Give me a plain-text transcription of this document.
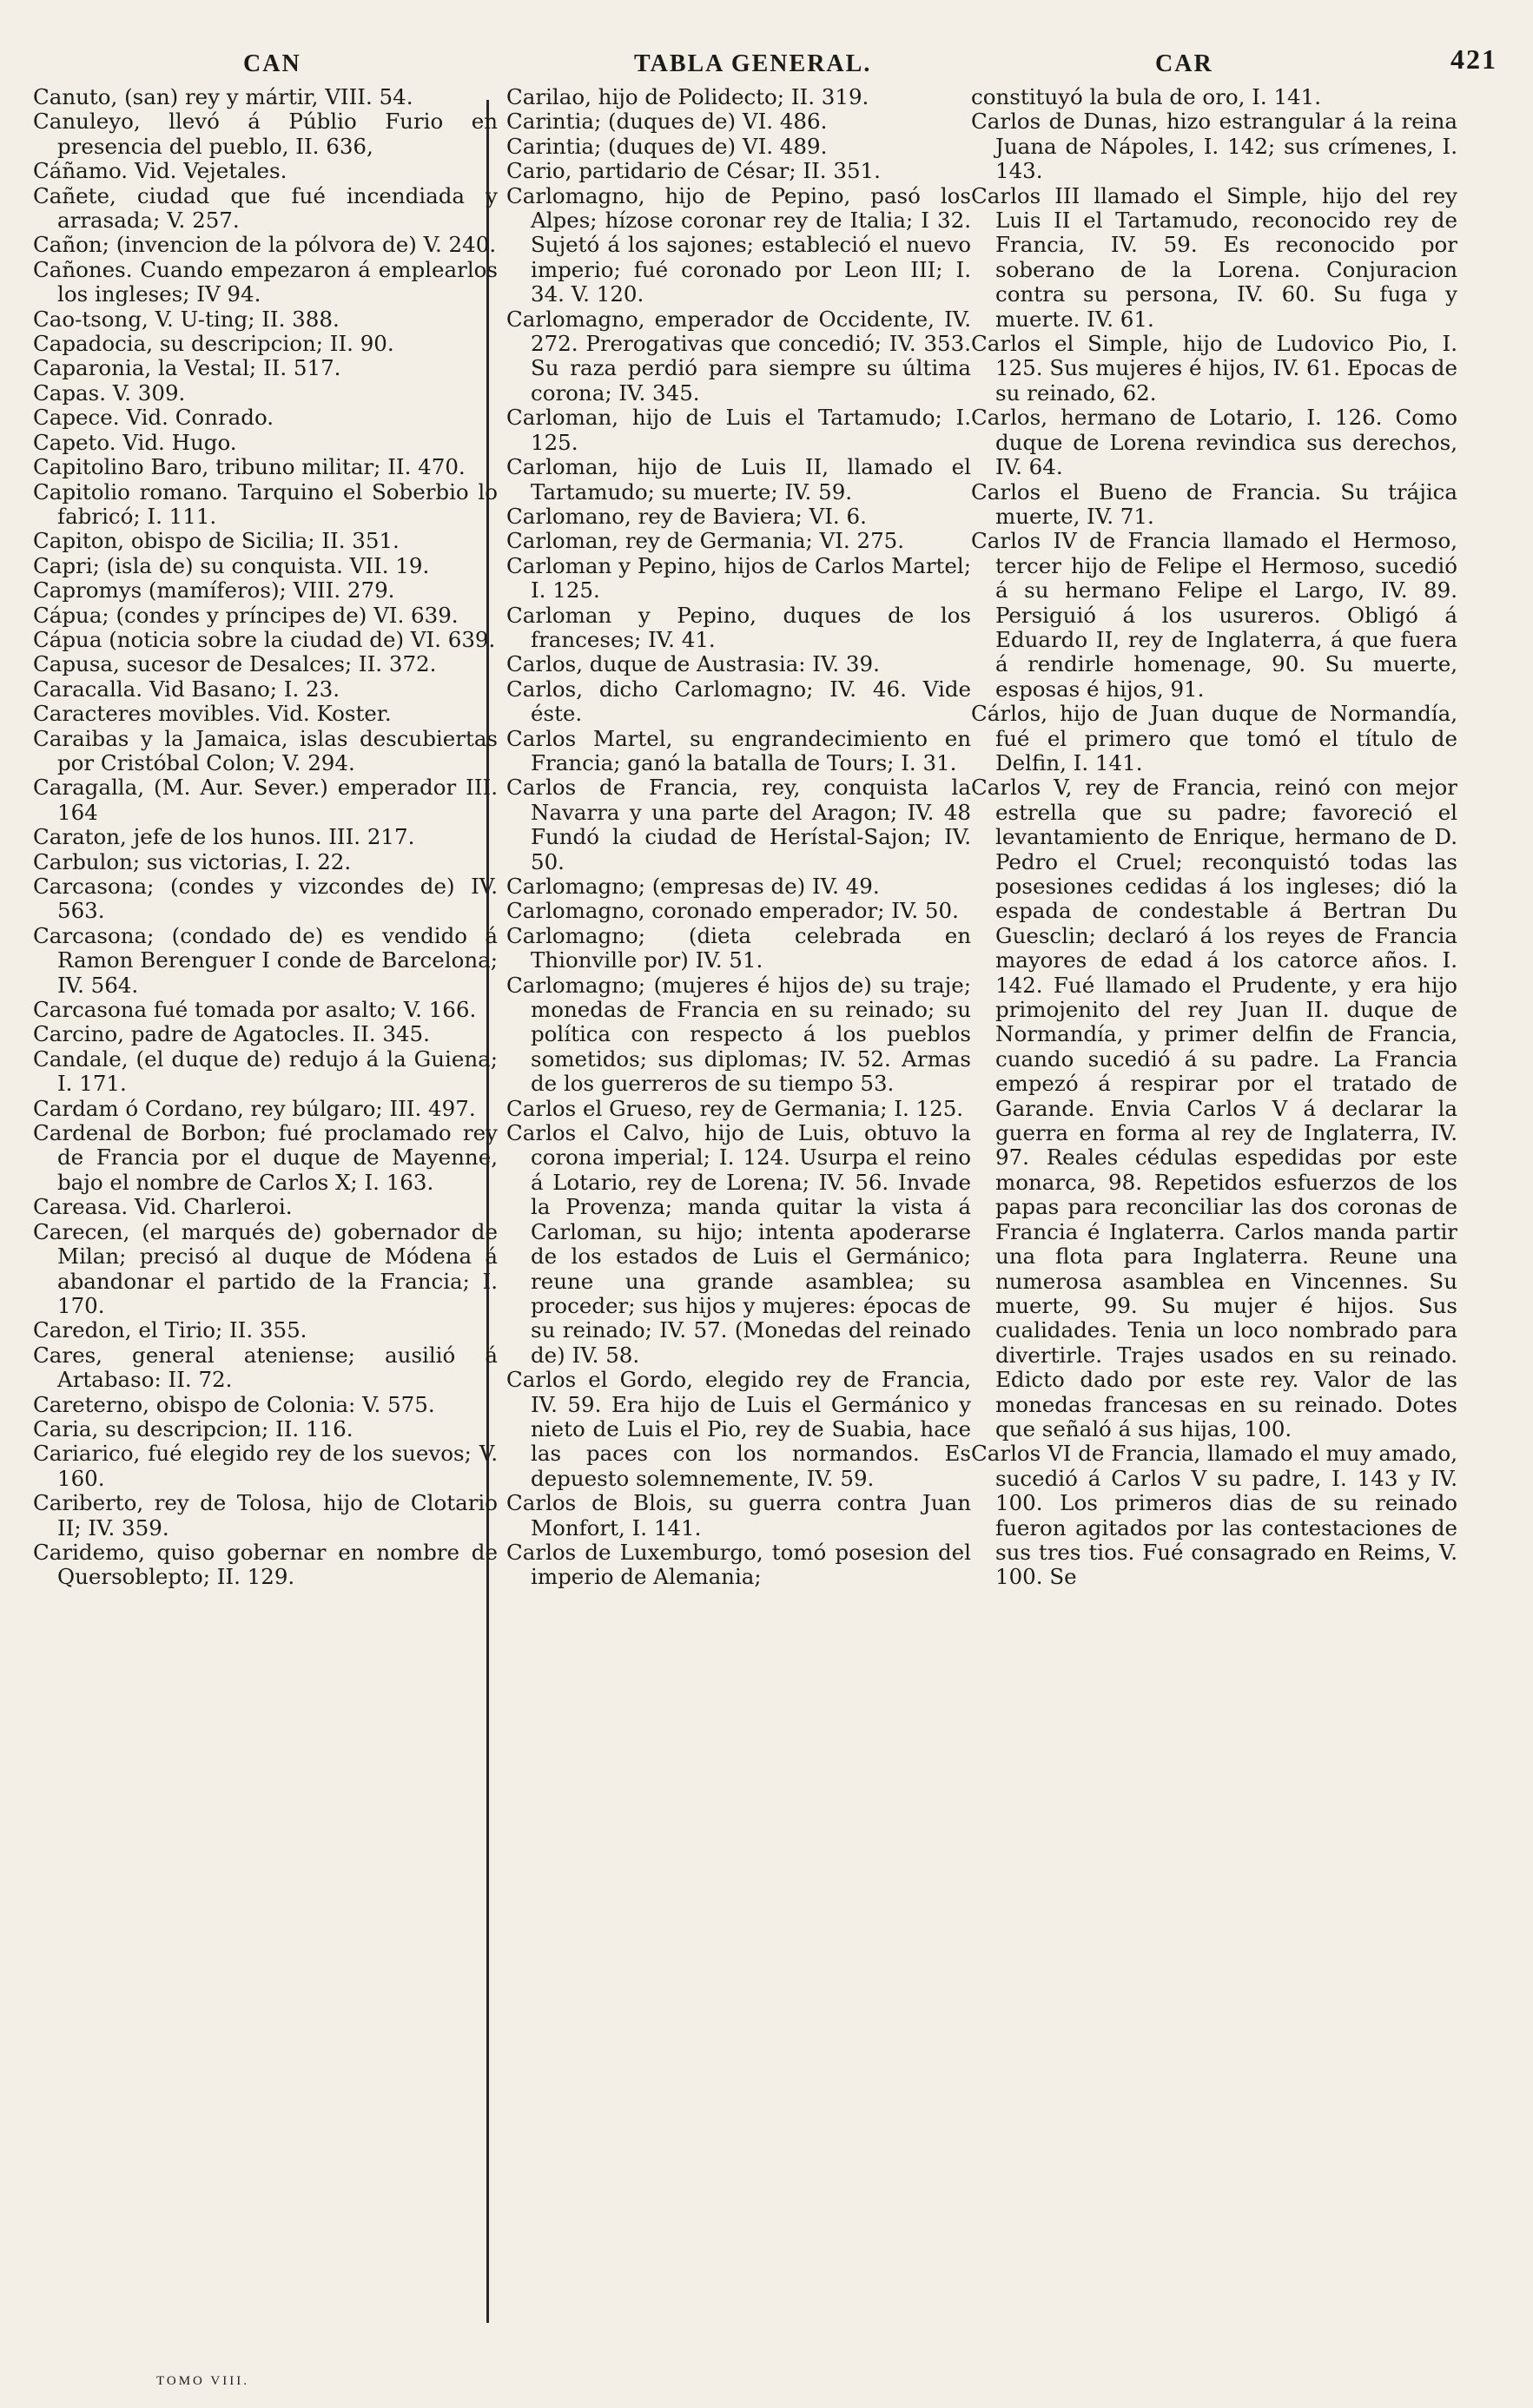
CAN	TABLA GENERAL.	CAR	421

Canuto, (san) rey y mártir, VIII. 54.

Canuleyo, llevó á Públio Furio en presencia del pueblo, II. 636,

Cáñamo. Vid. Vejetales.

Cañete, ciudad que fué incendiada y arrasada; V. 257.

Cañon; (invencion de la pólvora de) V. 240.

Cañones. Cuando empezaron á emplearlos los ingleses; IV 94.

Cao-tsong, V. U-ting; II. 388.

Capadocia, su descripcion; II. 90.

Caparonia, la Vestal; II. 517.

Capas. V. 309.

Capece. Vid. Conrado.

Capeto. Vid. Hugo.

Capitolino Baro, tribuno militar; II. 470.

Capitolio romano. Tarquino el Soberbio lo fabricó; I. 111.

Capiton, obispo de Sicilia; II. 351.

Capri; (isla de) su conquista. VII. 19.

Capromys (mamíferos); VIII. 279.

Cápua; (condes y príncipes de) VI. 639.

Cápua (noticia sobre la ciudad de) VI. 639.

Capusa, sucesor de Desalces; II. 372.

Caracalla. Vid Basano; I. 23.

Caracteres movibles. Vid. Koster.

Caraibas y la Jamaica, islas descubiertas por Cristóbal Colon; V. 294.

Caragalla, (M. Aur. Sever.) emperador III. 164

Caraton, jefe de los hunos. III. 217.

Carbulon; sus victorias, I. 22.

Carcasona; (condes y vizcondes de) IV. 563.

Carcasona; (condado de) es vendido á Ramon Berenguer I conde de Barcelona; IV. 564.

Carcasona fué tomada por asalto; V. 166.

Carcino, padre de Agatocles. II. 345.

Candale, (el duque de) redujo á la Guiena; I. 171.

Cardam ó Cordano, rey búlgaro; III. 497.

Cardenal de Borbon; fué proclamado rey de Francia por el duque de Mayenne, bajo el nombre de Carlos X; I. 163.

Careasa. Vid. Charleroi.

Carecen, (el marqués de) gobernador de Milan; precisó al duque de Módena á abandonar el partido de la Francia; I. 170.

Caredon, el Tirio; II. 355.

Cares, general ateniense; ausilió á Artabaso: II. 72.

Careterno, obispo de Colonia: V. 575.

Caria, su descripcion; II. 116.

Cariarico, fué elegido rey de los suevos; V. 160.

Cariberto, rey de Tolosa, hijo de Clotario II; IV. 359.

Caridemo, quiso gobernar en nombre de Quersoblepto; II. 129.

Carilao, hijo de Polidecto; II. 319.

Carintia; (duques de) VI. 486.

Carintia; (duques de) VI. 489.

Cario, partidario de César; II. 351.

Carlomagno, hijo de Pepino, pasó los Alpes; hízose coronar rey de Italia; I 32. Sujetó á los sajones; estableció el nuevo imperio; fué coronado por Leon III; I. 34. V. 120.

Carlomagno, emperador de Occidente, IV. 272. Prerogativas que concedió; IV. 353. Su raza perdió para siempre su última corona; IV. 345.

Carloman, hijo de Luis el Tartamudo; I. 125.

Carloman, hijo de Luis II, llamado el Tartamudo; su muerte; IV. 59.

Carlomano, rey de Baviera; VI. 6.

Carloman, rey de Germania; VI. 275.

Carloman y Pepino, hijos de Carlos Martel; I. 125.

Carloman y Pepino, duques de los franceses; IV. 41.

Carlos, duque de Austrasia: IV. 39.

Carlos, dicho Carlomagno; IV. 46. Vide éste.

Carlos Martel, su engrandecimiento en Francia; ganó la batalla de Tours; I. 31.

Carlos de Francia, rey, conquista la Navarra y una parte del Aragon; IV. 48 Fundó la ciudad de Herístal-Sajon; IV. 50.

Carlomagno; (empresas de) IV. 49.

Carlomagno, coronado emperador; IV. 50.

Carlomagno; (dieta celebrada en Thionville por) IV. 51.

Carlomagno; (mujeres é hijos de) su traje; monedas de Francia en su reinado; su política con respecto á los pueblos sometidos; sus diplomas; IV. 52. Armas de los guerreros de su tiempo 53.

Carlos el Grueso, rey de Germania; I. 125.

Carlos el Calvo, hijo de Luis, obtuvo la corona imperial; I. 124. Usurpa el reino á Lotario, rey de Lorena; IV. 56. Invade la Provenza; manda quitar la vista á Carloman, su hijo; intenta apoderarse de los estados de Luis el Germánico; reune una grande asamblea; su proceder; sus hijos y mujeres: épocas de su reinado; IV. 57. (Monedas del reinado de) IV. 58.

Carlos el Gordo, elegido rey de Francia, IV. 59. Era hijo de Luis el Germánico y nieto de Luis el Pio, rey de Suabia, hace las paces con los normandos. Es depuesto solemnemente, IV. 59.

Carlos de Blois, su guerra contra Juan Monfort, I. 141.

Carlos de Luxemburgo, tomó posesion del imperio de Alemania;

constituyó la bula de oro, I. 141.

Carlos de Dunas, hizo estrangular á la reina Juana de Nápoles, I. 142; sus crímenes, I. 143.

Carlos III llamado el Simple, hijo del rey Luis II el Tartamudo, reconocido rey de Francia, IV. 59. Es reconocido por soberano de la Lorena. Conjuracion contra su persona, IV. 60. Su fuga y muerte. IV. 61.

Carlos el Simple, hijo de Ludovico Pio, I. 125. Sus mujeres é hijos, IV. 61. Epocas de su reinado, 62.

Carlos, hermano de Lotario, I. 126. Como duque de Lorena revindica sus derechos, IV. 64.

Carlos el Bueno de Francia. Su trájica muerte, IV. 71.

Carlos IV de Francia llamado el Hermoso, tercer hijo de Felipe el Hermoso, sucedió á su hermano Felipe el Largo, IV. 89. Persiguió á los usureros. Obligó á Eduardo II, rey de Inglaterra, á que fuera á rendirle homenage, 90. Su muerte, esposas é hijos, 91.

Cárlos, hijo de Juan duque de Normandía, fué el primero que tomó el título de Delfin, I. 141.

Carlos V, rey de Francia, reinó con mejor estrella que su padre; favoreció el levantamiento de Enrique, hermano de D. Pedro el Cruel; reconquistó todas las posesiones cedidas á los ingleses; dió la espada de condestable á Bertran Du Guesclin; declaró á los reyes de Francia mayores de edad á los catorce años. I. 142. Fué llamado el Prudente, y era hijo primojenito del rey Juan II. duque de Normandía, y primer delfin de Francia, cuando sucedió á su padre. La Francia empezó á respirar por el tratado de Garande. Envia Carlos V á declarar la guerra en forma al rey de Inglaterra, IV. 97. Reales cédulas espedidas por este monarca, 98. Repetidos esfuerzos de los papas para reconciliar las dos coronas de Francia é Inglaterra. Carlos manda partir una flota para Inglaterra. Reune una numerosa asamblea en Vincennes. Su muerte, 99. Su mujer é hijos. Sus cualidades. Tenia un loco nombrado para divertirle. Trajes usados en su reinado. Edicto dado por este rey. Valor de las monedas francesas en su reinado. Dotes que señaló á sus hijas, 100.

Carlos VI de Francia, llamado el muy amado, sucedió á Carlos V su padre, I. 143 y IV. 100. Los primeros dias de su reinado fueron agitados por las contestaciones de sus tres tios. Fué consagrado en Reims, V. 100. Se

TOMO VIII.
